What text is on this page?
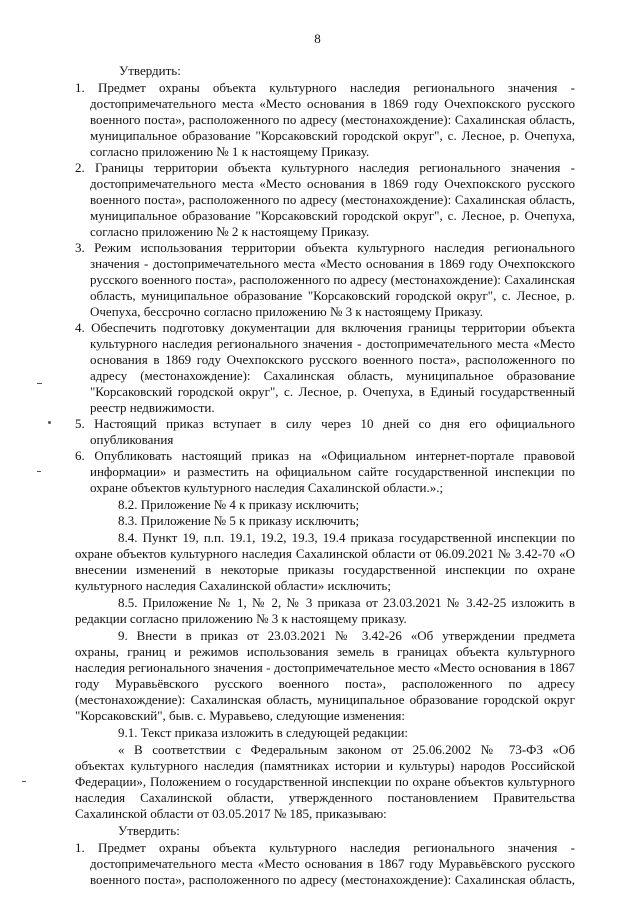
8
Утвердить:
1. Предмет охраны объекта культурного наследия регионального значения -
достопримечательного места «Место основания в 1869 году Очехпокского русского
военного поста», расположенного по адресу (местонахождение): Сахалинская область,
муниципальное образование "Корсаковский городской округ", с. Лесное, р. Очепуха,
согласно приложению № 1 к настоящему Приказу.
2. Границы территории объекта культурного наследия регионального значения -
достопримечательного места «Место основания в 1869 году Очехпокского русского
военного поста», расположенного по адресу (местонахождение): Сахалинская область,
муниципальное образование "Корсаковский городской округ", с. Лесное, р. Очепуха,
согласно приложению № 2 к настоящему Приказу.
3. Режим использования территории объекта культурного наследия регионального
значения - достопримечательного места «Место основания в 1869 году Очехпокского
русского военного поста», расположенного по адресу (местонахождение): Сахалинская
область, муниципальное образование "Корсаковский городской округ", с. Лесное, р.
Очепуха, бессрочно согласно приложению № 3 к настоящему Приказу.
4. Обеспечить подготовку документации для включения границы территории объекта
культурного наследия регионального значения - достопримечательного места «Место
основания в 1869 году Очехпокского русского военного поста», расположенного по
адресу (местонахождение): Сахалинская область, муниципальное образование
"Корсаковский городской округ", с. Лесное, р. Очепуха, в Единый государственный
реестр недвижимости.
5. Настоящий приказ вступает в силу через 10 дней со дня его официального
опубликования
6. Опубликовать настоящий приказ на «Официальном интернет-портале правовой
информации» и разместить на официальном сайте государственной инспекции по
охране объектов культурного наследия Сахалинской области.».;
8.2. Приложение № 4 к приказу исключить;
8.3. Приложение № 5 к приказу исключить;
8.4. Пункт 19, п.п. 19.1, 19.2, 19.3, 19.4 приказа государственной инспекции по
охране объектов культурного наследия Сахалинской области от 06.09.2021 № 3.42-70 «О
внесении изменений в некоторые приказы государственной инспекции по охране
культурного наследия Сахалинской области» исключить;
8.5. Приложение № 1, № 2, № 3 приказа от 23.03.2021 № 3.42-25 изложить в
редакции согласно приложению № 3 к настоящему приказу.
9. Внести в приказ от 23.03.2021 № 3.42-26 «Об утверждении предмета
охраны, границ и режимов использования земель в границах объекта культурного
наследия регионального значения - достопримечательное место «Место основания в 1867
году Муравьёвского русского военного поста», расположенного по адресу
(местонахождение): Сахалинская область, муниципальное образование городской округ
"Корсаковский", быв. с. Муравьево, следующие изменения:
9.1. Текст приказа изложить в следующей редакции:
« В соответствии с Федеральным законом от 25.06.2002 № 73-ФЗ «Об
объектах культурного наследия (памятниках истории и культуры) народов Российской
Федерации», Положением о государственной инспекции по охране объектов культурного
наследия Сахалинской области, утвержденного постановлением Правительства
Сахалинской области от 03.05.2017 № 185, приказываю:
Утвердить:
1. Предмет охраны объекта культурного наследия регионального значения -
достопримечательного места «Место основания в 1867 году Муравьёвского русского
военного поста», расположенного по адресу (местонахождение): Сахалинская область,
